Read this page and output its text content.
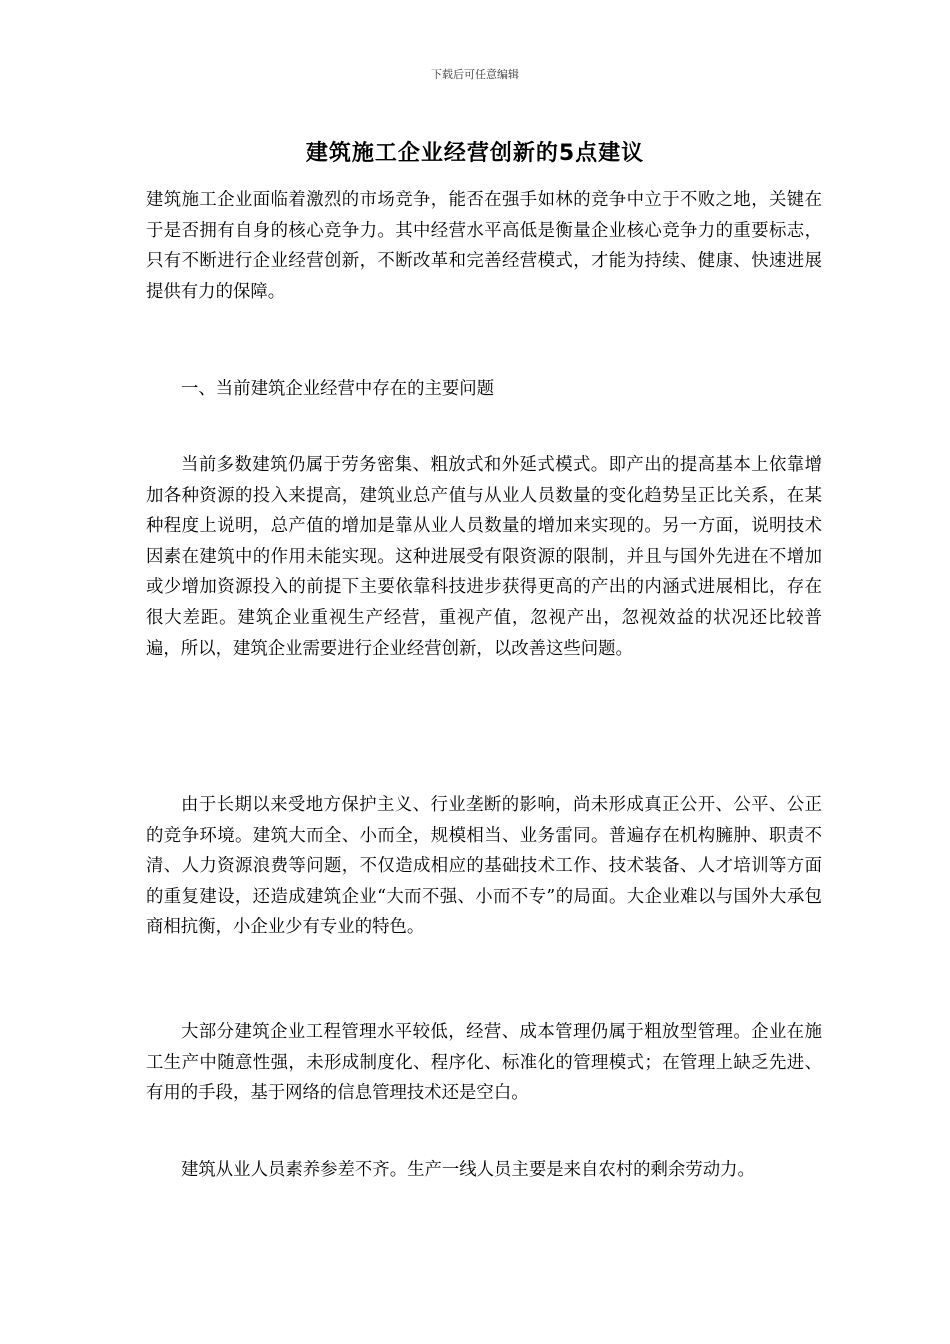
下载后可任意编辑
建筑施工企业经营创新的5点建议

建筑施工企业面临着激烈的市场竞争，能否在强手如林的竞争中立于不败之地，关键在于是否拥有自身的核心竞争力。其中经营水平高低是衡量企业核心竞争力的重要标志，只有不断进行企业经营创新，不断改革和完善经营模式，才能为持续、健康、快速进展提供有力的保障。

一、当前建筑企业经营中存在的主要问题

当前多数建筑仍属于劳务密集、粗放式和外延式模式。即产出的提高基本上依靠增加各种资源的投入来提高，建筑业总产值与从业人员数量的变化趋势呈正比关系，在某种程度上说明，总产值的增加是靠从业人员数量的增加来实现的。另一方面，说明技术因素在建筑中的作用未能实现。这种进展受有限资源的限制，并且与国外先进在不增加或少增加资源投入的前提下主要依靠科技进步获得更高的产出的内涵式进展相比，存在很大差距。建筑企业重视生产经营，重视产值，忽视产出，忽视效益的状况还比较普遍，所以，建筑企业需要进行企业经营创新，以改善这些问题。

由于长期以来受地方保护主义、行业垄断的影响，尚未形成真正公开、公平、公正的竞争环境。建筑大而全、小而全，规模相当、业务雷同。普遍存在机构臃肿、职责不清、人力资源浪费等问题，不仅造成相应的基础技术工作、技术装备、人才培训等方面的重复建设，还造成建筑企业“大而不强、小而不专”的局面。大企业难以与国外大承包商相抗衡，小企业少有专业的特色。

大部分建筑企业工程管理水平较低，经营、成本管理仍属于粗放型管理。企业在施工生产中随意性强，未形成制度化、程序化、标准化的管理模式；在管理上缺乏先进、有用的手段，基于网络的信息管理技术还是空白。

建筑从业人员素养参差不齐。生产一线人员主要是来自农村的剩余劳动力。
